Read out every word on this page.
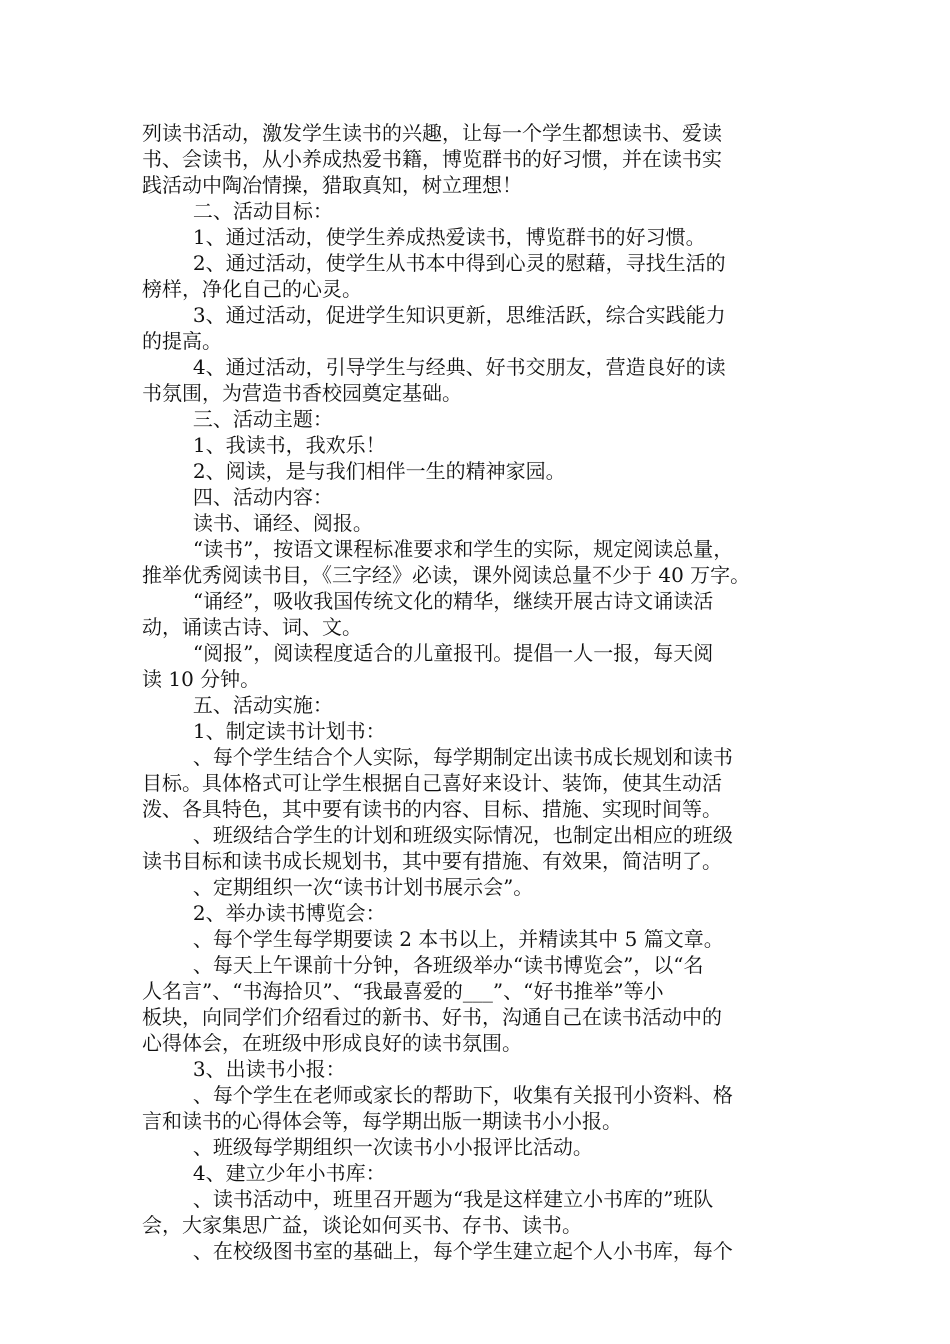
列读书活动，激发学生读书的兴趣，让每一个学生都想读书、爱读
书、会读书，从小养成热爱书籍，博览群书的好习惯，并在读书实
践活动中陶冶情操，猎取真知，树立理想！
二、活动目标：
1、通过活动，使学生养成热爱读书，博览群书的好习惯。
2、通过活动，使学生从书本中得到心灵的慰藉，寻找生活的
榜样，净化自己的心灵。
3、通过活动，促进学生知识更新，思维活跃，综合实践能力
的提高。
4、通过活动，引导学生与经典、好书交朋友，营造良好的读
书氛围，为营造书香校园奠定基础。
三、活动主题：
1、我读书，我欢乐！
2、阅读，是与我们相伴一生的精神家园。
四、活动内容：
读书、诵经、阅报。
“读书”，按语文课程标准要求和学生的实际，规定阅读总量，
推举优秀阅读书目，《三字经》必读，课外阅读总量不少于 40 万字。
“诵经”，吸收我国传统文化的精华，继续开展古诗文诵读活
动，诵读古诗、词、文。
“阅报”，阅读程度适合的儿童报刊。提倡一人一报，每天阅
读 10 分钟。
五、活动实施：
1、制定读书计划书：
、每个学生结合个人实际，每学期制定出读书成长规划和读书
目标。具体格式可让学生根据自己喜好来设计、装饰，使其生动活
泼、各具特色，其中要有读书的内容、目标、措施、实现时间等。
、班级结合学生的计划和班级实际情况，也制定出相应的班级
读书目标和读书成长规划书，其中要有措施、有效果，简洁明了。
、定期组织一次“读书计划书展示会”。
2、举办读书博览会：
、每个学生每学期要读 2 本书以上，并精读其中 5 篇文章。
、每天上午课前十分钟，各班级举办“读书博览会”，以“名
人名言”、“书海拾贝”、“我最喜爱的___”、“好书推举”等小
板块，向同学们介绍看过的新书、好书，沟通自己在读书活动中的
心得体会，在班级中形成良好的读书氛围。
3、出读书小报：
、每个学生在老师或家长的帮助下，收集有关报刊小资料、格
言和读书的心得体会等，每学期出版一期读书小小报。
、班级每学期组织一次读书小小报评比活动。
4、建立少年小书库：
、读书活动中，班里召开题为“我是这样建立小书库的”班队
会，大家集思广益，谈论如何买书、存书、读书。
、在校级图书室的基础上，每个学生建立起个人小书库，每个
